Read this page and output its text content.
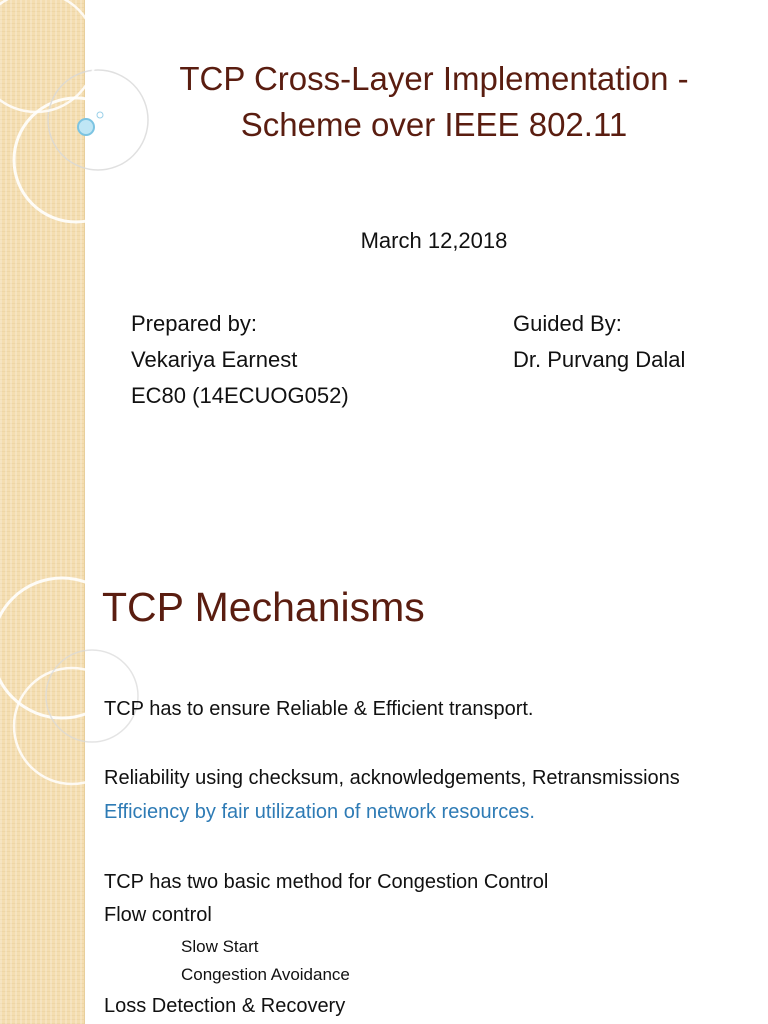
TCP Cross-Layer Implementation -
Scheme over IEEE 802.11
March 12,2018
Prepared by:
Vekariya Earnest
EC80 (14ECUOG052)
Guided By:
Dr. Purvang Dalal
TCP Mechanisms
TCP has to ensure Reliable & Efficient transport.
Reliability using checksum, acknowledgements, Retransmissions
Efficiency by fair utilization of network resources.
TCP has two basic method for Congestion Control
Flow control
Slow Start
Congestion Avoidance
Loss Detection & Recovery
